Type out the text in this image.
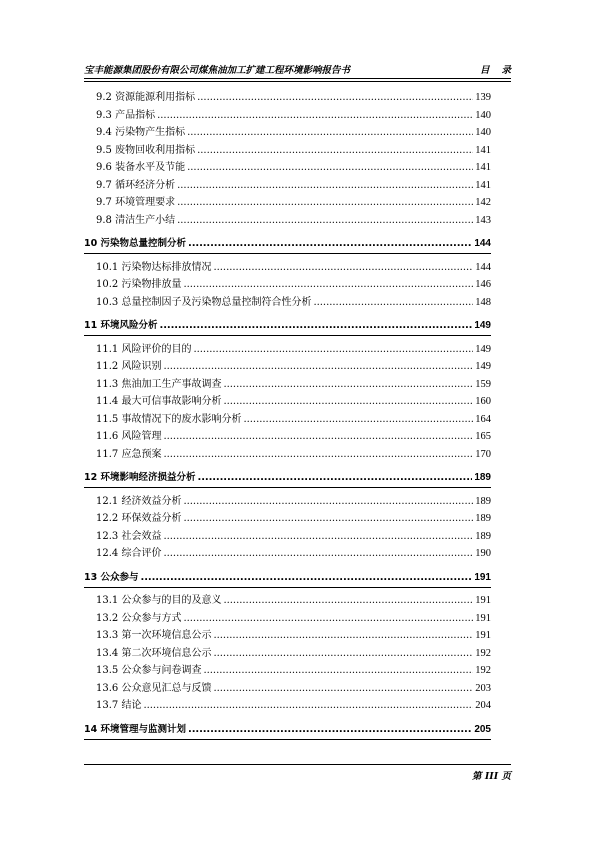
宝丰能源集团股份有限公司煤焦油加工扩建工程环境影响报告书	目录
9.2 资源能源利用指标 . . .	139
9.3 产品指标 . . .	140
9.4 污染物产生指标 . . .	140
9.5 废物回收利用指标 . . .	141
9.6 装备水平及节能 . . .	141
9.7 循环经济分析 . . .	141
9.7 环境管理要求 . . .	142
9.8 清洁生产小结 . . .	143
10 污染物总量控制分析 . . .	144
10.1 污染物达标排放情况 . . .	144
10.2 污染物排放量 . . .	146
10.3 总量控制因子及污染物总量控制符合性分析 . . .	148
11 环境风险分析 . . .	149
11.1 风险评价的目的 . . .	149
11.2 风险识别 . . .	149
11.3 焦油加工生产事故调查 . . .	159
11.4 最大可信事故影响分析 . . .	160
11.5 事故情况下的废水影响分析 . . .	164
11.6 风险管理 . . .	165
11.7 应急预案 . . .	170
12 环境影响经济损益分析 . . .	189
12.1 经济效益分析 . . .	189
12.2 环保效益分析 . . .	189
12.3 社会效益 . . .	189
12.4 综合评价 . . .	190
13 公众参与 . . .	191
13.1 公众参与的目的及意义 . . .	191
13.2 公众参与方式 . . .	191
13.3 第一次环境信息公示 . . .	191
13.4 第二次环境信息公示 . . .	192
13.5 公众参与问卷调查 . . .	192
13.6 公众意见汇总与反馈 . . .	203
13.7 结论 . . .	204
14 环境管理与监测计划 . . .	205
第 III 页
